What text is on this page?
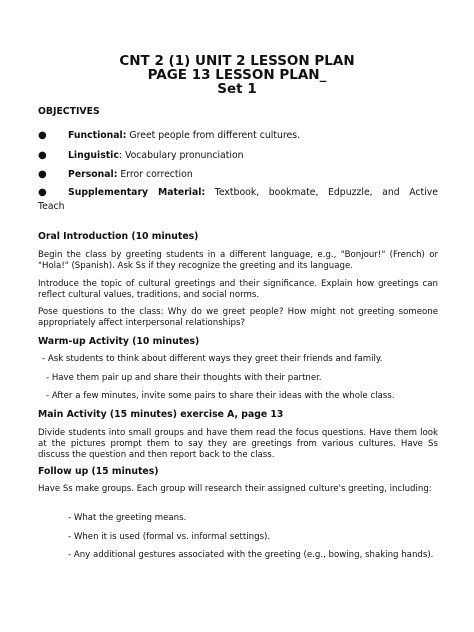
CNT 2 (1) UNIT 2 LESSON PLAN
PAGE 13 LESSON PLAN_
Set 1
OBJECTIVES
● Functional: Greet people from different cultures.
● Linguistic: Vocabulary pronunciation
● Personal: Error correction
● Supplementary Material: Textbook, bookmate, Edpuzzle, and Active
Teach
Oral Introduction (10 minutes)
Begin the class by greeting students in a different language, e.g., "Bonjour!" (French) or "Hola!" (Spanish). Ask Ss if they recognize the greeting and its language.
Introduce the topic of cultural greetings and their significance. Explain how greetings can reflect cultural values, traditions, and social norms.
Pose questions to the class: Why do we greet people? How might not greeting someone appropriately affect interpersonal relationships?
Warm-up Activity (10 minutes)
- Ask students to think about different ways they greet their friends and family.
- Have them pair up and share their thoughts with their partner.
- After a few minutes, invite some pairs to share their ideas with the whole class.
Main Activity (15 minutes) exercise A, page 13
Divide students into small groups and have them read the focus questions. Have them look at the pictures prompt them to say they are greetings from various cultures. Have Ss discuss the question and then report back to the class.
Follow up (15 minutes)
Have Ss make groups. Each group will research their assigned culture's greeting, including:
- What the greeting means.
- When it is used (formal vs. informal settings).
- Any additional gestures associated with the greeting (e.g., bowing, shaking hands).
